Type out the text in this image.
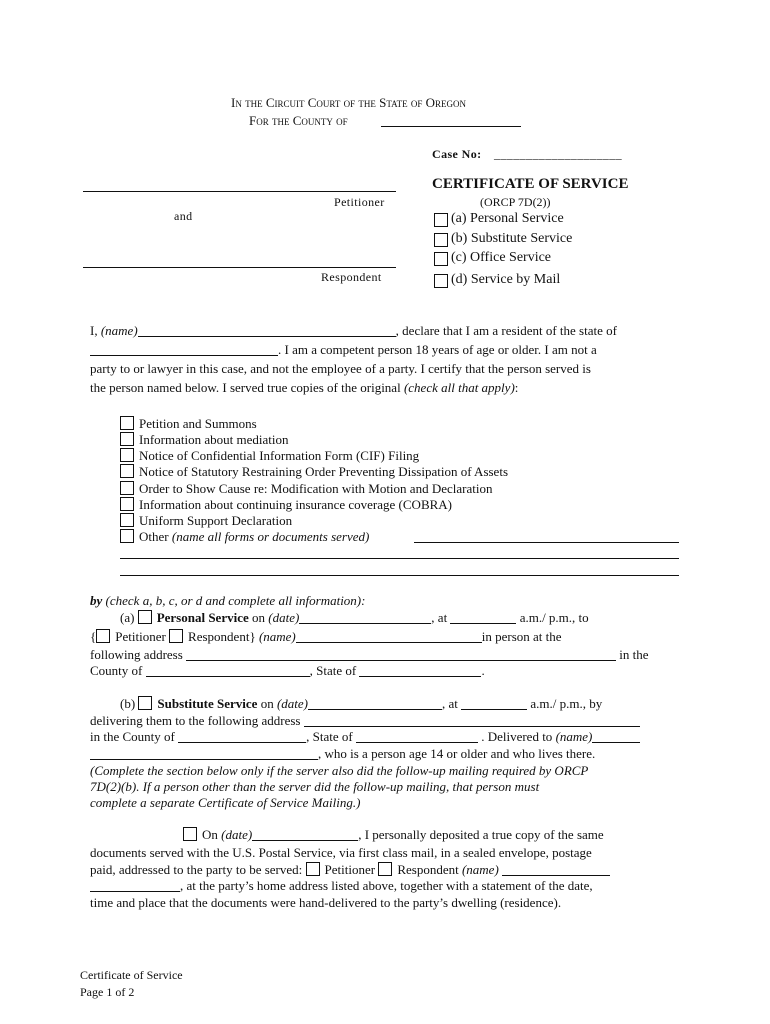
In the Circuit Court of the State of Oregon
For the County of
Case No: ____________________
Petitioner
and
Respondent
CERTIFICATE OF SERVICE
(ORCP 7D(2))
(a) Personal Service
(b) Substitute Service
(c) Office Service
(d) Service by Mail
I, (name)	, declare that I am a resident of the state of
. I am a competent person 18 years of age or older. I am not a
party to or lawyer in this case, and not the employee of a party. I certify that the person served is
the person named below. I served true copies of the original (check all that apply):
Petition and Summons
Information about mediation
Notice of Confidential Information Form (CIF) Filing
Notice of Statutory Restraining Order Preventing Dissipation of Assets
Order to Show Cause re: Modification with Motion and Declaration
Information about continuing insurance coverage (COBRA)
Uniform Support Declaration
Other (name all forms or documents served)
by (check a, b, c, or d and complete all information):
(a) Personal Service on (date)	, at	a.m./ p.m., to
{ Petitioner Respondent} (name)	in person at the
following address	in the
County of	, State of	.
(b) Substitute Service on (date)	, at	a.m./ p.m., by
delivering them to the following address
in the County of	, State of	. Delivered to (name)
, who is a person age 14 or older and who lives there.
(Complete the section below only if the server also did the follow-up mailing required by ORCP
7D(2)(b). If a person other than the server did the follow-up mailing, that person must
complete a separate Certificate of Service Mailing.)
On (date)	, I personally deposited a true copy of the same
documents served with the U.S. Postal Service, via first class mail, in a sealed envelope, postage
paid, addressed to the party to be served: Petitioner Respondent (name)
, at the party’s home address listed above, together with a statement of the date,
time and place that the documents were hand-delivered to the party’s dwelling (residence).
Certificate of Service
Page 1 of 2
